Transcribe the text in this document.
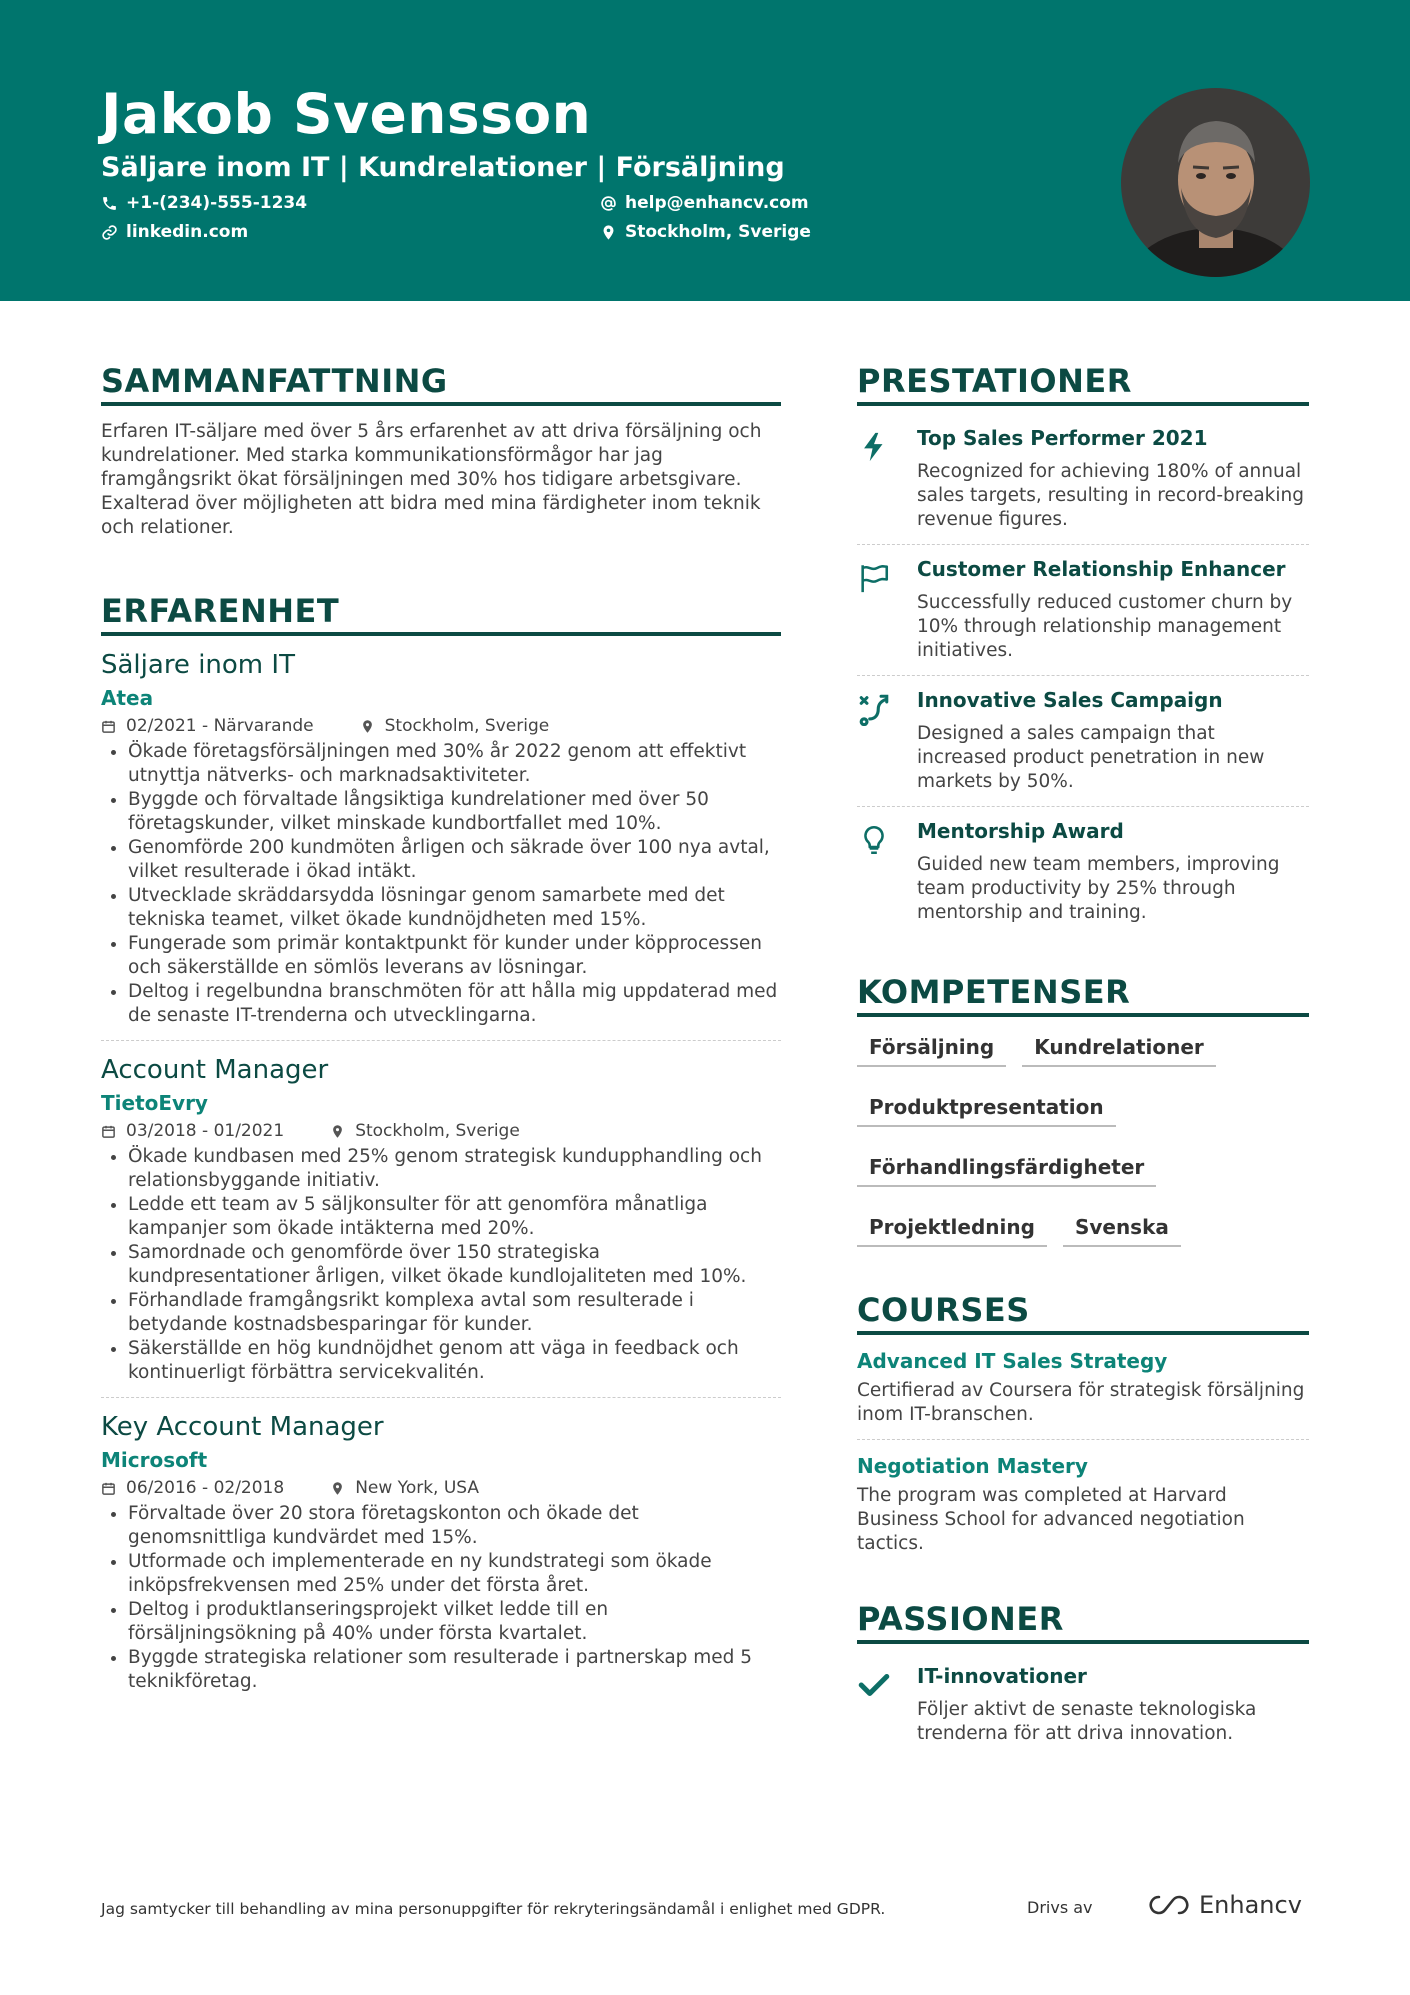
Jakob Svensson
Säljare inom IT | Kundrelationer | Försäljning
+1-(234)-555-1234	help@enhancv.com
linkedin.com	Stockholm, Sverige
SAMMANFATTNING
Erfaren IT-säljare med över 5 års erfarenhet av att driva försäljning och kundrelationer. Med starka kommunikationsförmågor har jag framgångsrikt ökat försäljningen med 30% hos tidigare arbetsgivare. Exalterad över möjligheten att bidra med mina färdigheter inom teknik och relationer.
ERFARENHET
Säljare inom IT
Atea
02/2021 - Närvarande	Stockholm, Sverige
• Ökade företagsförsäljningen med 30% år 2022 genom att effektivt utnyttja nätverks- och marknadsaktiviteter.
• Byggde och förvaltade långsiktiga kundrelationer med över 50 företagskunder, vilket minskade kundbortfallet med 10%.
• Genomförde 200 kundmöten årligen och säkrade över 100 nya avtal, vilket resulterade i ökad intäkt.
• Utvecklade skräddarsydda lösningar genom samarbete med det tekniska teamet, vilket ökade kundnöjdheten med 15%.
• Fungerade som primär kontaktpunkt för kunder under köpprocessen och säkerställde en sömlös leverans av lösningar.
• Deltog i regelbundna branschmöten för att hålla mig uppdaterad med de senaste IT-trenderna och utvecklingarna.
Account Manager
TietoEvry
03/2018 - 01/2021	Stockholm, Sverige
• Ökade kundbasen med 25% genom strategisk kundupphandling och relationsbyggande initiativ.
• Ledde ett team av 5 säljkonsulter för att genomföra månatliga kampanjer som ökade intäkterna med 20%.
• Samordnade och genomförde över 150 strategiska kundpresentationer årligen, vilket ökade kundlojaliteten med 10%.
• Förhandlade framgångsrikt komplexa avtal som resulterade i betydande kostnadsbesparingar för kunder.
• Säkerställde en hög kundnöjdhet genom att väga in feedback och kontinuerligt förbättra servicekvalitén.
Key Account Manager
Microsoft
06/2016 - 02/2018	New York, USA
• Förvaltade över 20 stora företagskonton och ökade det genomsnittliga kundvärdet med 15%.
• Utformade och implementerade en ny kundstrategi som ökade inköpsfrekvensen med 25% under det första året.
• Deltog i produktlanseringsprojekt vilket ledde till en försäljningsökning på 40% under första kvartalet.
• Byggde strategiska relationer som resulterade i partnerskap med 5 teknikföretag.
PRESTATIONER
Top Sales Performer 2021
Recognized for achieving 180% of annual sales targets, resulting in record-breaking revenue figures.
Customer Relationship Enhancer
Successfully reduced customer churn by 10% through relationship management initiatives.
Innovative Sales Campaign
Designed a sales campaign that increased product penetration in new markets by 50%.
Mentorship Award
Guided new team members, improving team productivity by 25% through mentorship and training.
KOMPETENSER
Försäljning	Kundrelationer
Produktpresentation
Förhandlingsfärdigheter
Projektledning	Svenska
COURSES
Advanced IT Sales Strategy
Certifierad av Coursera för strategisk försäljning inom IT-branschen.
Negotiation Mastery
The program was completed at Harvard Business School for advanced negotiation tactics.
PASSIONER
IT-innovationer
Följer aktivt de senaste teknologiska trenderna för att driva innovation.
Jag samtycker till behandling av mina personuppgifter för rekryteringsändamål i enlighet med GDPR.	Drivs av	Enhancv
